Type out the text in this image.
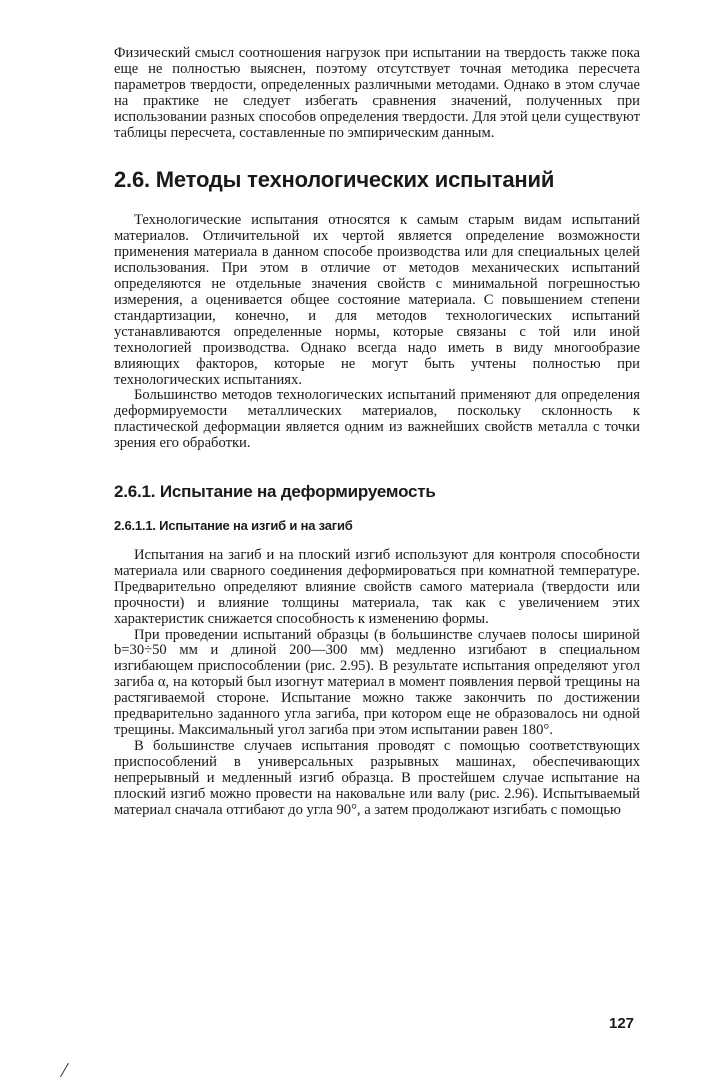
Физический смысл соотношения нагрузок при испытании на твердость также пока еще не полностью выяснен, поэтому отсутствует точная методика пересчета параметров твердости, определенных различными методами. Однако в этом случае на практике не следует избегать сравнения значений, полученных при использовании разных способов определения твердости. Для этой цели существуют таблицы пересчета, составленные по эмпирическим данным.

2.6. Методы технологических испытаний

Технологические испытания относятся к самым старым видам испытаний материалов. Отличительной их чертой является определение возможности применения материала в данном способе производства или для специальных целей использования. При этом в отличие от методов механических испытаний определяются не отдельные значения свойств с минимальной погрешностью измерения, а оценивается общее состояние материала. С повышением степени стандартизации, конечно, и для методов технологических испытаний устанавливаются определенные нормы, которые связаны с той или иной технологией производства. Однако всегда надо иметь в виду многообразие влияющих факторов, которые не могут быть учтены полностью при технологических испытаниях.

Большинство методов технологических испытаний применяют для определения деформируемости металлических материалов, поскольку склонность к пластической деформации является одним из важнейших свойств металла с точки зрения его обработки.

2.6.1. Испытание на деформируемость
2.6.1.1. Испытание на изгиб и на загиб

Испытания на загиб и на плоский изгиб используют для контроля способности материала или сварного соединения деформироваться при комнатной температуре. Предварительно определяют влияние свойств самого материала (твердости или прочности) и влияние толщины материала, так как с увеличением этих характеристик снижается способность к изменению формы.

При проведении испытаний образцы (в большинстве случаев полосы шириной b=30÷50 мм и длиной 200—300 мм) медленно изгибают в специальном изгибающем приспособлении (рис. 2.95). В результате испытания определяют угол загиба α, на который был изогнут материал в момент появления первой трещины на растягиваемой стороне. Испытание можно также закончить по достижении предварительно заданного угла загиба, при котором еще не образовалось ни одной трещины. Максимальный угол загиба при этом испытании равен 180°.

В большинстве случаев испытания проводят с помощью соответствующих приспособлений в универсальных разрывных машинах, обеспечивающих непрерывный и медленный изгиб образца. В простейшем случае испытание на плоский изгиб можно провести на наковальне или валу (рис. 2.96). Испытываемый материал сначала отгибают до угла 90°, а затем продолжают изгибать с помощью

127
